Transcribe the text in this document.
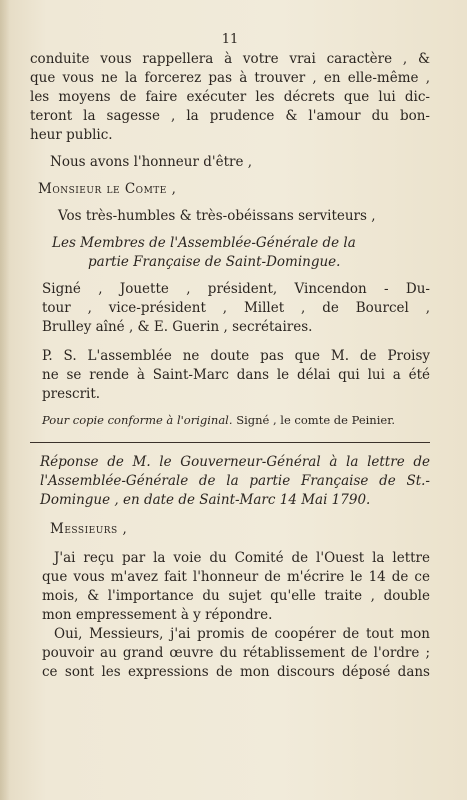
11
conduite vous rappellera à votre vrai caractère , &
que vous ne la forcerez pas à trouver , en elle-même ,
les moyens de faire exécuter les décrets que lui dic-
teront la sagesse , la prudence & l'amour du bon-
heur public.
Nous avons l'honneur d'être ,
Monsieur le Comte ,
Vos très-humbles & très-obéissans serviteurs ,
Les Membres de l'Assemblée-Générale de la
partie Française de Saint-Domingue.
Signé , Jouette , président, Vincendon - Du-
tour , vice-président , Millet , de Bourcel ,
Brulley aîné , & E. Guerin , secrétaires.
P. S. L'assemblée ne doute pas que M. de Proisy
ne se rende à Saint-Marc dans le délai qui lui a été
prescrit.
Pour copie conforme à l'original. Signé , le comte de Peinier.
Réponse de M. le Gouverneur-Général à la lettre de
l'Assemblée-Générale de la partie Française de St.-
Domingue , en date de Saint-Marc 14 Mai 1790.
Messieurs ,
J'ai reçu par la voie du Comité de l'Ouest la lettre
que vous m'avez fait l'honneur de m'écrire le 14 de ce
mois, & l'importance du sujet qu'elle traite , double
mon empressement à y répondre.
Oui, Messieurs, j'ai promis de coopérer de tout mon
pouvoir au grand œuvre du rétablissement de l'ordre ;
ce sont les expressions de mon discours déposé dans
